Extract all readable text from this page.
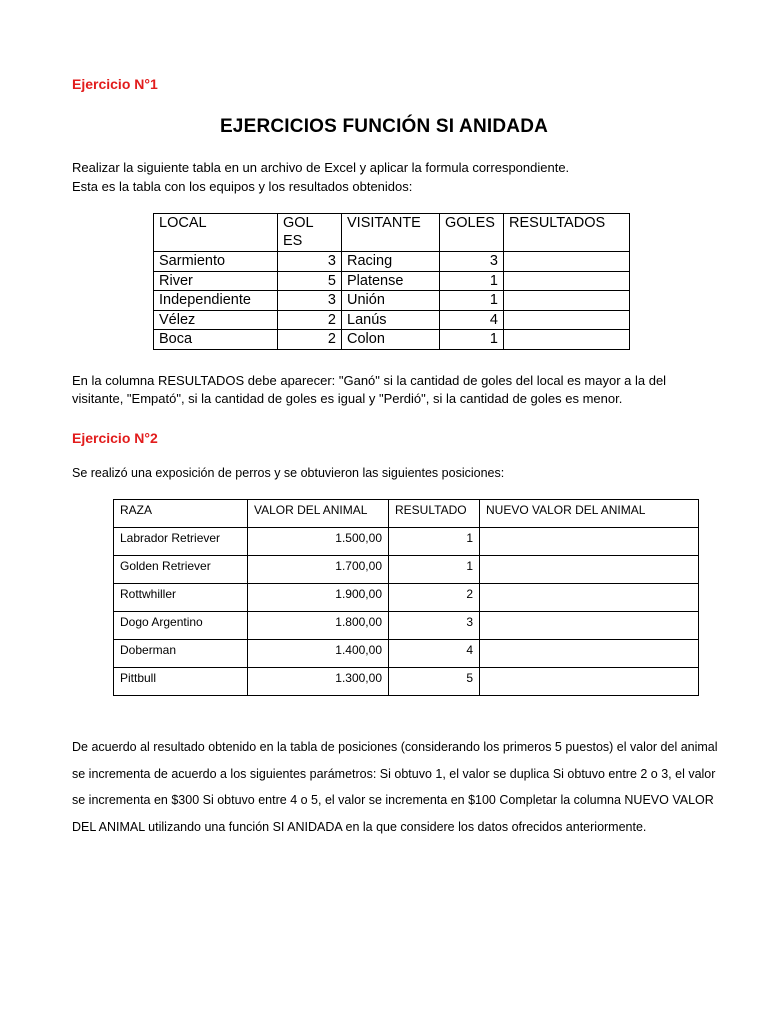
Ejercicio N°1
EJERCICIOS FUNCIÓN SI ANIDADA
Realizar la siguiente tabla en un archivo de Excel y aplicar la formula correspondiente.
Esta es la tabla con los equipos y los resultados obtenidos:
LOCAL	GOLES	VISITANTE	GOLES	RESULTADOS
Sarmiento	3	Racing	3	
River	5	Platense	1	
Independiente	3	Unión	1	
Vélez	2	Lanús	4	
Boca	2	Colon	1	
En la columna RESULTADOS debe aparecer: "Ganó" si la cantidad de goles del local es mayor a la del visitante, "Empató", si la cantidad de goles es igual y "Perdió", si la cantidad de goles es menor.
Ejercicio N°2
Se realizó una exposición de perros y se obtuvieron las siguientes posiciones:
RAZA	VALOR DEL ANIMAL	RESULTADO	NUEVO VALOR DEL ANIMAL
Labrador Retriever	1.500,00	1	
Golden Retriever	1.700,00	1	
Rottwhiller	1.900,00	2	
Dogo Argentino	1.800,00	3	
Doberman	1.400,00	4	
Pittbull	1.300,00	5	
De acuerdo al resultado obtenido en la tabla de posiciones (considerando los primeros 5 puestos) el valor del animal se incrementa de acuerdo a los siguientes parámetros: Si obtuvo 1, el valor se duplica Si obtuvo entre 2 o 3, el valor se incrementa en $300 Si obtuvo entre 4 o 5, el valor se incrementa en $100 Completar la columna NUEVO VALOR DEL ANIMAL utilizando una función SI ANIDADA en la que considere los datos ofrecidos anteriormente.
